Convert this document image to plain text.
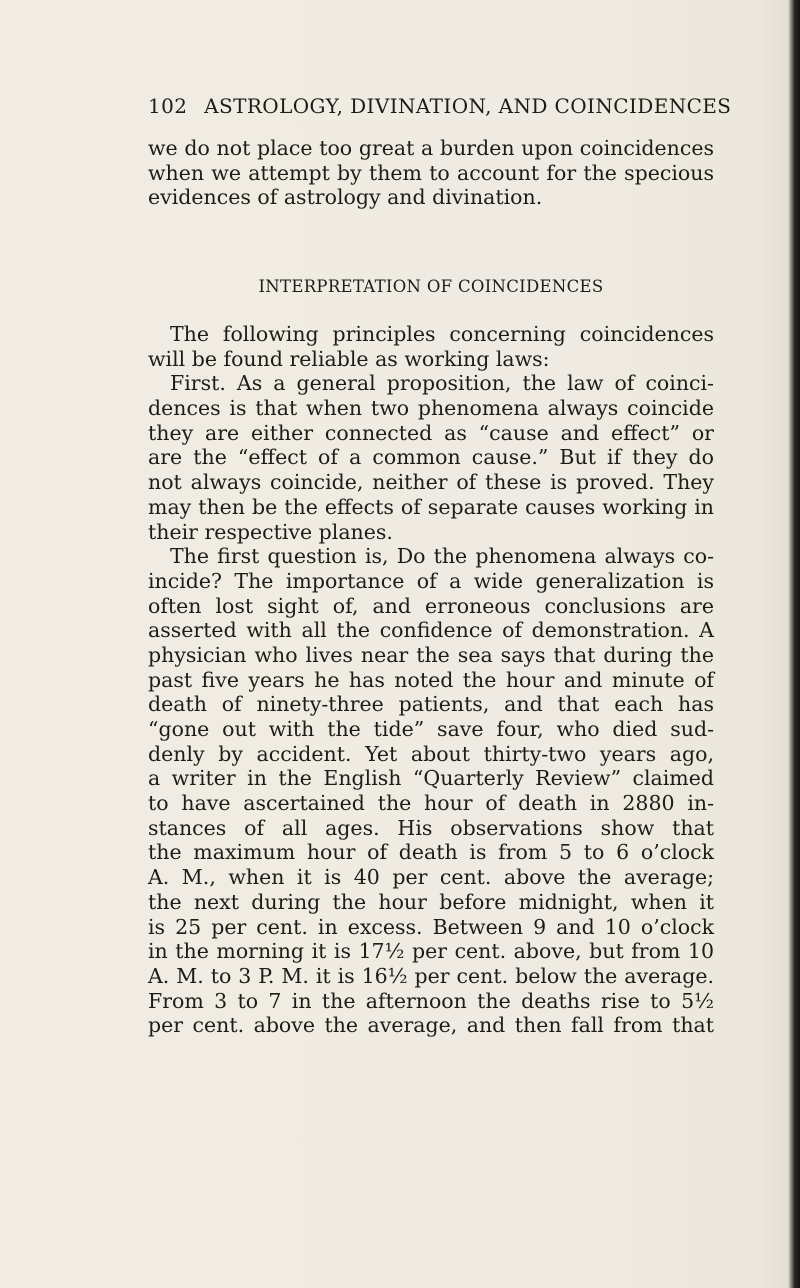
102 ASTROLOGY, DIVINATION, AND COINCIDENCES
we do not place too great a burden upon coincidences
when we attempt by them to account for the specious
evidences of astrology and divination.
INTERPRETATION OF COINCIDENCES
The following principles concerning coincidences
will be found reliable as working laws:
First. As a general proposition, the law of coinci-
dences is that when two phenomena always coincide
they are either connected as “cause and effect” or
are the “effect of a common cause.” But if they do
not always coincide, neither of these is proved. They
may then be the effects of separate causes working in
their respective planes.
The first question is, Do the phenomena always co-
incide? The importance of a wide generalization is
often lost sight of, and erroneous conclusions are
asserted with all the confidence of demonstration. A
physician who lives near the sea says that during the
past five years he has noted the hour and minute of
death of ninety-three patients, and that each has
“gone out with the tide” save four, who died sud-
denly by accident. Yet about thirty-two years ago,
a writer in the English “Quarterly Review” claimed
to have ascertained the hour of death in 2880 in-
stances of all ages. His observations show that
the maximum hour of death is from 5 to 6 o’clock
A. M., when it is 40 per cent. above the average;
the next during the hour before midnight, when it
is 25 per cent. in excess. Between 9 and 10 o’clock
in the morning it is 17½ per cent. above, but from 10
A. M. to 3 P. M. it is 16½ per cent. below the average.
From 3 to 7 in the afternoon the deaths rise to 5½
per cent. above the average, and then fall from that
